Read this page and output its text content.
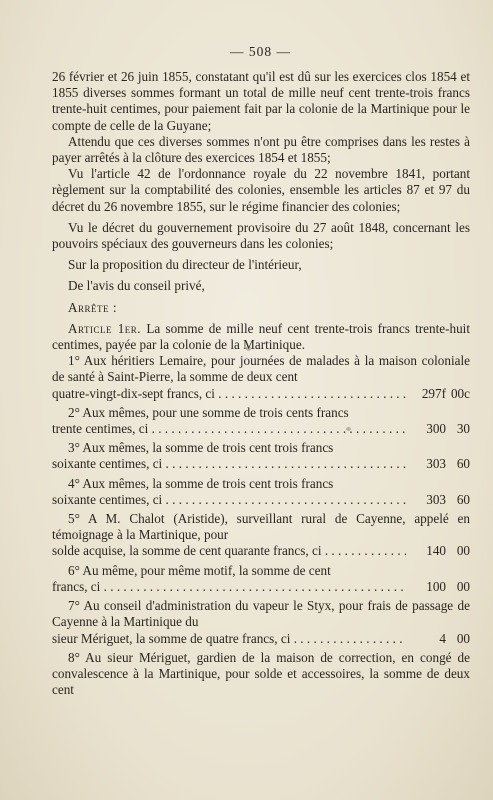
— 508 —

26 février et 26 juin 1855, constatant qu'il est dû sur les exercices clos 1854 et 1855 diverses sommes formant un total de mille neuf cent trente-trois francs trente-huit centimes, pour paiement fait par la colonie de la Martinique pour le compte de celle de la Guyane;

Attendu que ces diverses sommes n'ont pu être comprises dans les restes à payer arrêtés à la clôture des exercices 1854 et 1855;

Vu l'article 42 de l'ordonnance royale du 22 novembre 1841, portant règlement sur la comptabilité des colonies, ensemble les articles 87 et 97 du décret du 26 novembre 1855, sur le régime financier des colonies;

Vu le décret du gouvernement provisoire du 27 août 1848, concernant les pouvoirs spéciaux des gouverneurs dans les colonies;

Sur la proposition du directeur de l'intérieur,

De l'avis du conseil privé,

Arrête :

Article 1er. La somme de mille neuf cent trente-trois francs trente-huit centimes, payée par la colonie de la Martinique.

1° Aux héritiers Lemaire, pour journées de malades à la maison coloniale de santé à Saint-Pierre, la somme de deux cent
quatre-vingt-dix-sept francs, ci . . .	297f 00c
2° Aux mêmes, pour une somme de trois cents francs
trente centimes, ci . . .	300 30
3° Aux mêmes, la somme de trois cent trois francs
soixante centimes, ci . . .	303 60
4° Aux mêmes, la somme de trois cent trois francs
soixante centimes, ci . . .	303 60
5° A M. Chalot (Aristide), surveillant rural de Cayenne, appelé en témoignage à la Martinique, pour
solde acquise, la somme de cent quarante francs, ci . . .	140 00
6° Au même, pour même motif, la somme de cent
francs, ci . . .	100 00
7° Au conseil d'administration du vapeur le Styx, pour frais de passage de Cayenne à la Martinique du
sieur Mériguet, la somme de quatre francs, ci . . .	4 00

8° Au sieur Mériguet, gardien de la maison de correction, en congé de convalescence à la Martinique, pour solde et accessoires, la somme de deux cent
